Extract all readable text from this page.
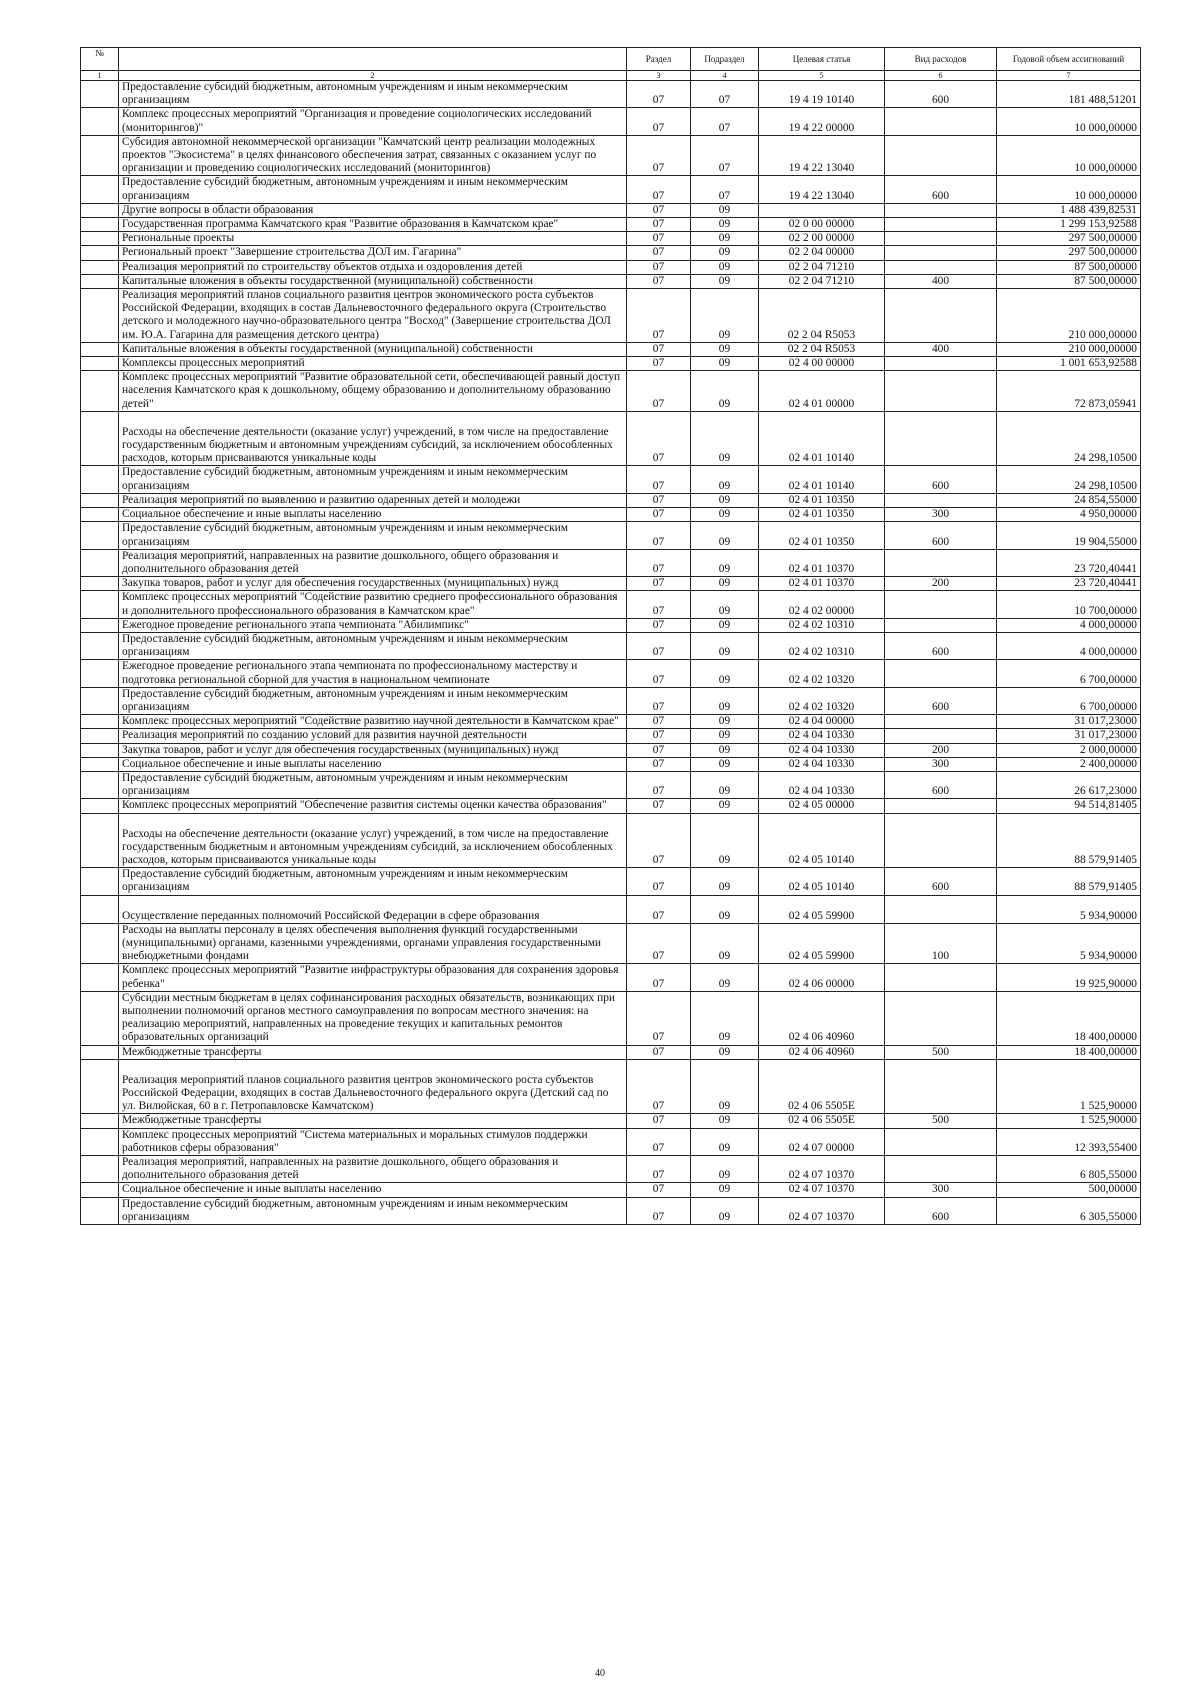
№		Раздел	Подраздел	Целевая статья	Вид расходов	Годовой объем ассигнований
1	2	3	4	5	6	7
	Предоставление субсидий бюджетным, автономным учреждениям и иным некоммерческим организациям	07	07	19 4 19 10140	600	181 488,51201
	Комплекс процессных мероприятий "Организация и проведение социологических исследований (мониторингов)"	07	07	19 4 22 00000		10 000,00000
	Субсидия автономной некоммерческой организации "Камчатский центр реализации молодежных проектов "Экосистема" в целях финансового обеспечения затрат, связанных с оказанием услуг по организации и проведению социологических исследований (мониторингов)	07	07	19 4 22 13040		10 000,00000
	Предоставление субсидий бюджетным, автономным учреждениям и иным некоммерческим организациям	07	07	19 4 22 13040	600	10 000,00000
	Другие вопросы в области образования	07	09			1 488 439,82531
	Государственная программа Камчатского края "Развитие образования в Камчатском крае"	07	09	02 0 00 00000		1 299 153,92588
	Региональные проекты	07	09	02 2 00 00000		297 500,00000
	Региональный проект "Завершение строительства ДОЛ им. Гагарина"	07	09	02 2 04 00000		297 500,00000
	Реализация мероприятий по строительству объектов отдыха и оздоровления детей	07	09	02 2 04 71210		87 500,00000
	Капитальные вложения в объекты государственной (муниципальной) собственности	07	09	02 2 04 71210	400	87 500,00000
	Реализация мероприятий планов социального развития центров экономического роста субъектов Российской Федерации, входящих в состав Дальневосточного федерального округа (Строительство детского и молодежного научно-образовательного центра "Восход" (Завершение строительства ДОЛ им. Ю.А. Гагарина для размещения детского центра)	07	09	02 2 04 R5053		210 000,00000
	Капитальные вложения в объекты государственной (муниципальной) собственности	07	09	02 2 04 R5053	400	210 000,00000
	Комплексы процессных мероприятий	07	09	02 4 00 00000		1 001 653,92588
	Комплекс процессных мероприятий "Развитие образовательной сети, обеспечивающей равный доступ населения Камчатского края к дошкольному, общему образованию и дополнительному образованию детей"	07	09	02 4 01 00000		72 873,05941
	Расходы на обеспечение деятельности (оказание услуг) учреждений, в том числе на предоставление государственным бюджетным и автономным учреждениям субсидий, за исключением обособленных расходов, которым присваиваются уникальные коды	07	09	02 4 01 10140		24 298,10500
	Предоставление субсидий бюджетным, автономным учреждениям и иным некоммерческим организациям	07	09	02 4 01 10140	600	24 298,10500
	Реализация мероприятий по выявлению и развитию одаренных детей и молодежи	07	09	02 4 01 10350		24 854,55000
	Социальное обеспечение и иные выплаты населению	07	09	02 4 01 10350	300	4 950,00000
	Предоставление субсидий бюджетным, автономным учреждениям и иным некоммерческим организациям	07	09	02 4 01 10350	600	19 904,55000
	Реализация мероприятий, направленных на развитие дошкольного, общего образования и дополнительного образования детей	07	09	02 4 01 10370		23 720,40441
	Закупка товаров, работ и услуг для обеспечения государственных (муниципальных) нужд	07	09	02 4 01 10370	200	23 720,40441
	Комплекс процессных мероприятий "Содействие развитию среднего профессионального образования и дополнительного профессионального образования в Камчатском крае"	07	09	02 4 02 00000		10 700,00000
	Ежегодное проведение регионального этапа чемпионата "Абилимпикс"	07	09	02 4 02 10310		4 000,00000
	Предоставление субсидий бюджетным, автономным учреждениям и иным некоммерческим организациям	07	09	02 4 02 10310	600	4 000,00000
	Ежегодное проведение регионального этапа чемпионата по профессиональному мастерству и подготовка региональной сборной для участия в национальном чемпионате	07	09	02 4 02 10320		6 700,00000
	Предоставление субсидий бюджетным, автономным учреждениям и иным некоммерческим организациям	07	09	02 4 02 10320	600	6 700,00000
	Комплекс процессных мероприятий "Содействие развитию научной деятельности в Камчатском крае"	07	09	02 4 04 00000		31 017,23000
	Реализация мероприятий по созданию условий для развития научной деятельности	07	09	02 4 04 10330		31 017,23000
	Закупка товаров, работ и услуг для обеспечения государственных (муниципальных) нужд	07	09	02 4 04 10330	200	2 000,00000
	Социальное обеспечение и иные выплаты населению	07	09	02 4 04 10330	300	2 400,00000
	Предоставление субсидий бюджетным, автономным учреждениям и иным некоммерческим организациям	07	09	02 4 04 10330	600	26 617,23000
	Комплекс процессных мероприятий "Обеспечение развития системы оценки качества образования"	07	09	02 4 05 00000		94 514,81405
	Расходы на обеспечение деятельности (оказание услуг) учреждений, в том числе на предоставление государственным бюджетным и автономным учреждениям субсидий, за исключением обособленных расходов, которым присваиваются уникальные коды	07	09	02 4 05 10140		88 579,91405
	Предоставление субсидий бюджетным, автономным учреждениям и иным некоммерческим организациям	07	09	02 4 05 10140	600	88 579,91405
	Осуществление переданных полномочий Российской Федерации в сфере образования	07	09	02 4 05 59900		5 934,90000
	Расходы на выплаты персоналу в целях обеспечения выполнения функций государственными (муниципальными) органами, казенными учреждениями, органами управления государственными внебюджетными фондами	07	09	02 4 05 59900	100	5 934,90000
	Комплекс процессных мероприятий "Развитие инфраструктуры образования для сохранения здоровья ребенка"	07	09	02 4 06 00000		19 925,90000
	Субсидии местным бюджетам в целях софинансирования расходных обязательств, возникающих при выполнении полномочий органов местного самоуправления по вопросам местного значения: на реализацию мероприятий, направленных на проведение текущих и капитальных ремонтов образовательных организаций	07	09	02 4 06 40960		18 400,00000
	Межбюджетные трансферты	07	09	02 4 06 40960	500	18 400,00000
	Реализация мероприятий планов социального развития центров экономического роста субъектов Российской Федерации, входящих в состав Дальневосточного федерального округа (Детский сад по ул. Вилюйская, 60 в г. Петропавловске Камчатском)	07	09	02 4 06 5505E		1 525,90000
	Межбюджетные трансферты	07	09	02 4 06 5505E	500	1 525,90000
	Комплекс процессных мероприятий "Система материальных и моральных стимулов поддержки работников сферы образования"	07	09	02 4 07 00000		12 393,55400
	Реализация мероприятий, направленных на развитие дошкольного, общего образования и дополнительного образования детей	07	09	02 4 07 10370		6 805,55000
	Социальное обеспечение и иные выплаты населению	07	09	02 4 07 10370	300	500,00000
	Предоставление субсидий бюджетным, автономным учреждениям и иным некоммерческим организациям	07	09	02 4 07 10370	600	6 305,55000
40
